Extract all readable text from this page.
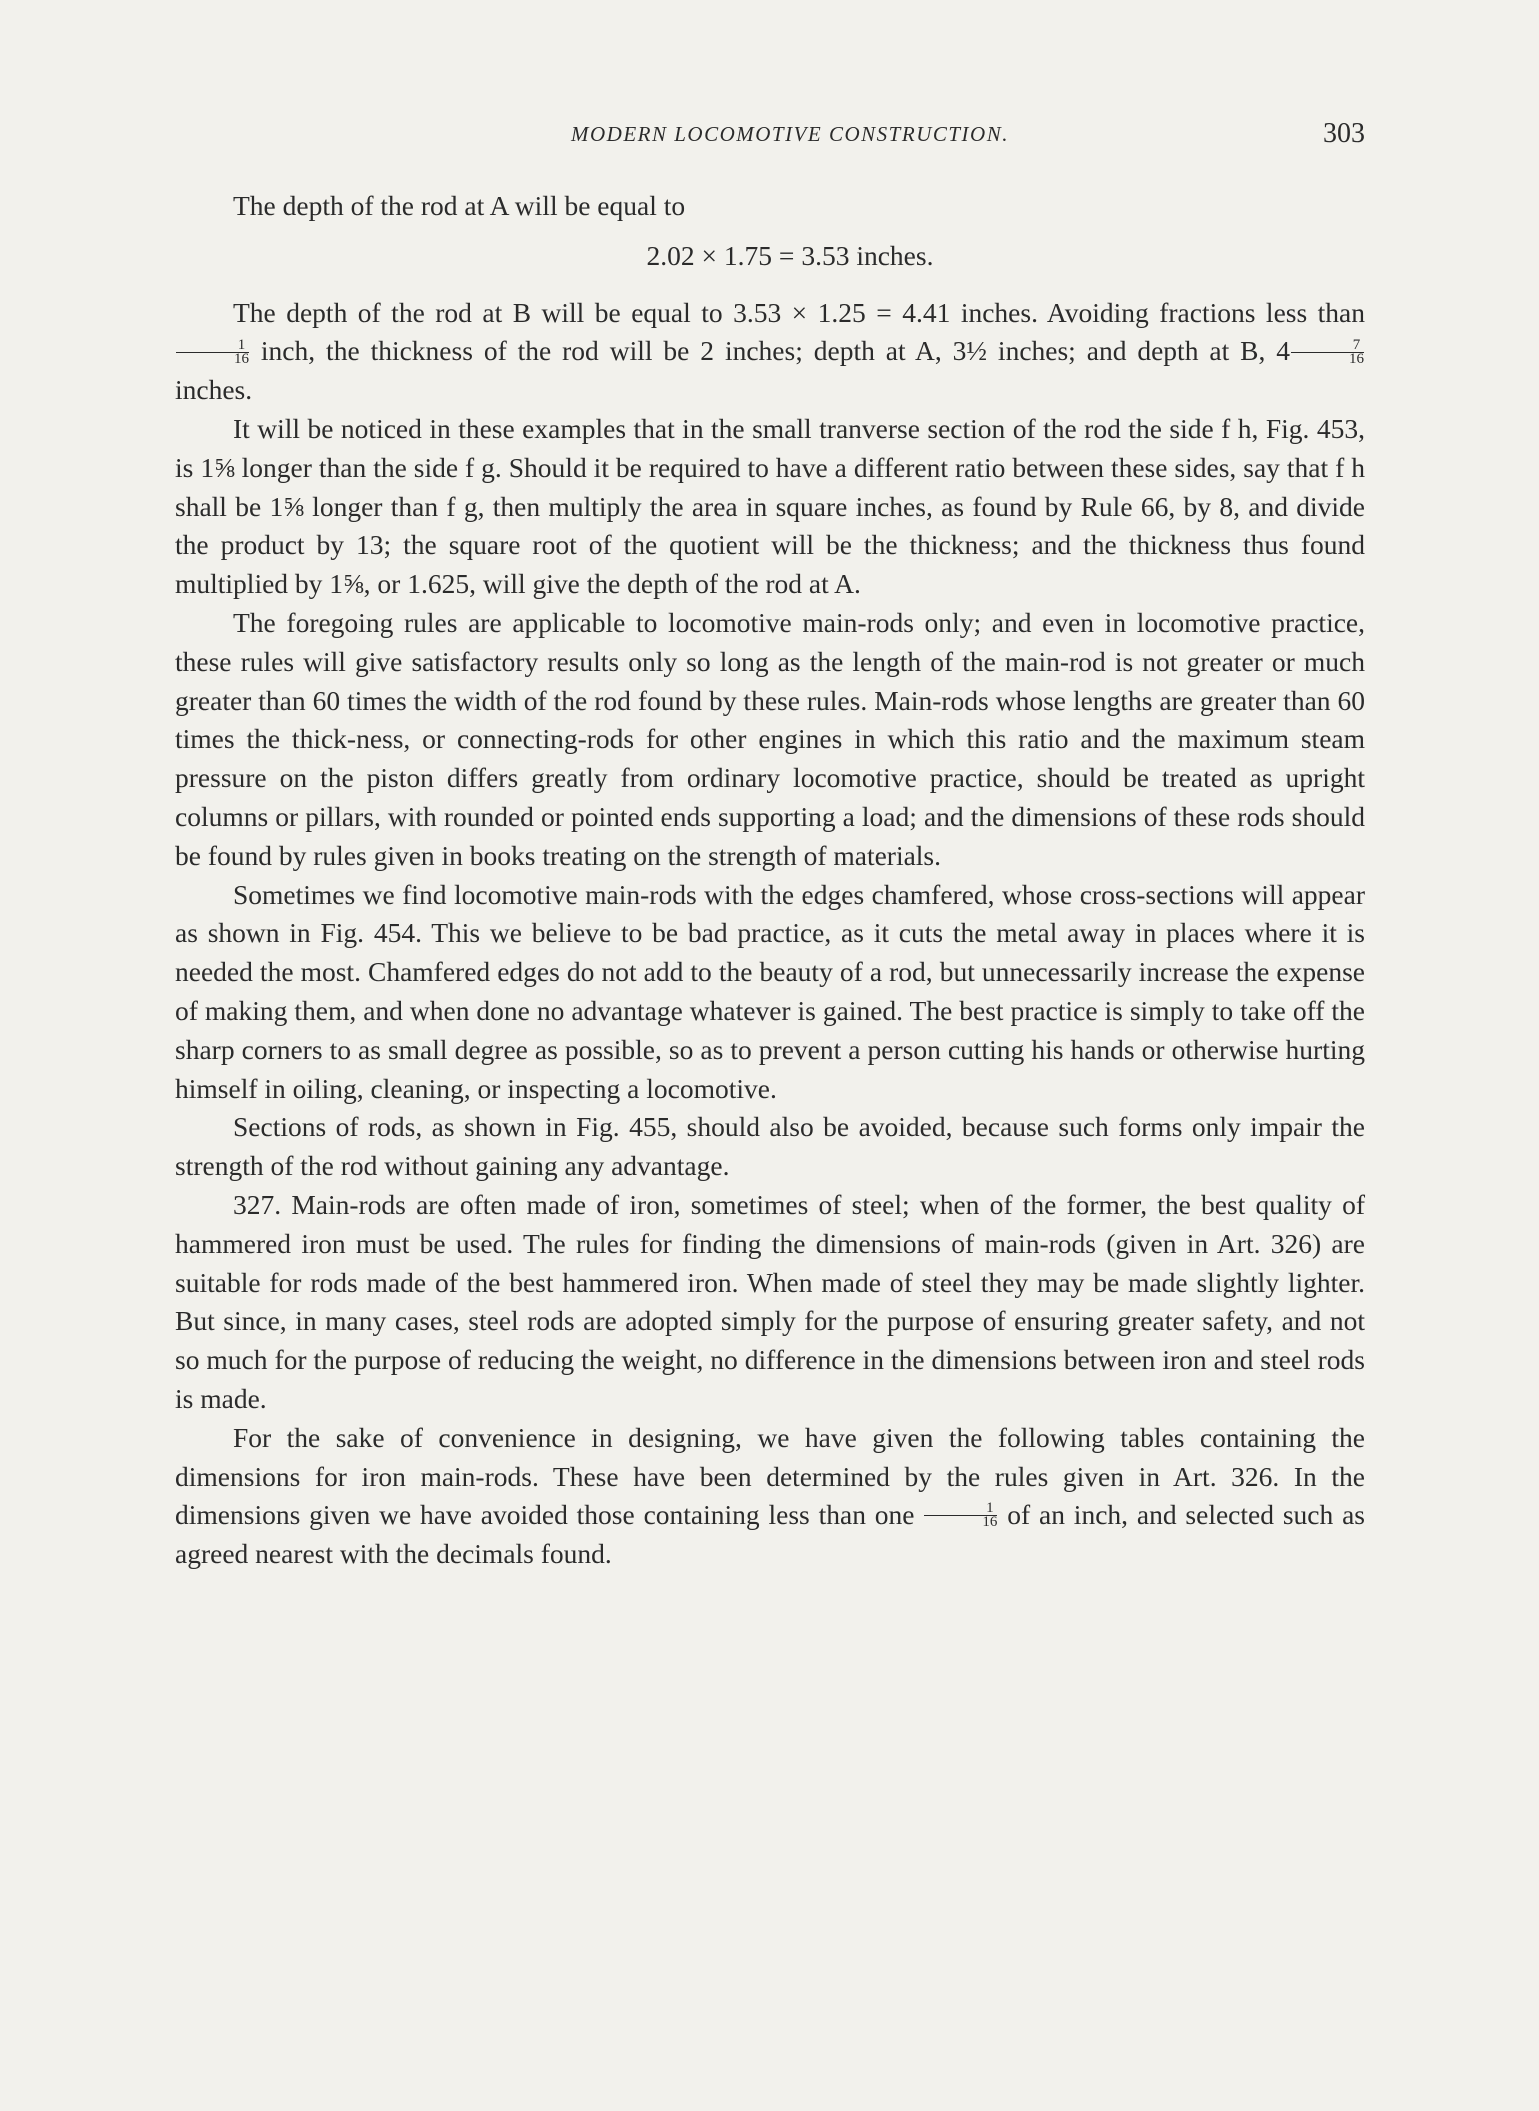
MODERN LOCOMOTIVE CONSTRUCTION.	303

The depth of the rod at A will be equal to

2.02 × 1.75 = 3.53 inches.

The depth of the rod at B will be equal to 3.53 × 1.25 = 4.41 inches. Avoiding fractions less than
$\frac{1}{16}$ inch, the thickness of the rod will be 2 inches; depth at A, 3½ inches; and depth at B, $4 \frac{7}{16}$
inches.

It will be noticed in these examples that in the small tranverse section of the rod the side f h, Fig. 453, is 1⅝ longer than the side f g. Should it be required to have a different ratio between these sides, say that f h shall be 1⅝ longer than f g, then multiply the area in square inches, as found by Rule 66, by 8, and divide the product by 13; the square root of the quotient will be the thickness; and the thickness thus found multiplied by 1⅝, or 1.625, will give the depth of the rod at A.

The foregoing rules are applicable to locomotive main-rods only; and even in locomotive practice, these rules will give satisfactory results only so long as the length of the main-rod is not greater or much greater than 60 times the width of the rod found by these rules. Main-rods whose lengths are greater than 60 times the thick-ness, or connecting-rods for other engines in which this ratio and the maximum steam pressure on the piston differs greatly from ordinary locomotive practice, should be treated as upright columns or pillars, with rounded or pointed ends supporting a load; and the dimensions of these rods should be found by rules given in books treating on the strength of materials.

Sometimes we find locomotive main-rods with the edges chamfered, whose cross-sections will appear as shown in Fig. 454. This we believe to be bad practice, as it cuts the metal away in places where it is needed the most. Chamfered edges do not add to the beauty of a rod, but unnecessarily increase the expense of making them, and when done no advantage whatever is gained. The best practice is simply to take off the sharp corners to as small degree as possible, so as to prevent a person cutting his hands or otherwise hurting himself in oiling, cleaning, or inspecting a locomotive.

Sections of rods, as shown in Fig. 455, should also be avoided, because such forms only impair the strength of the rod without gaining any advantage.

327. Main-rods are often made of iron, sometimes of steel; when of the former, the best quality of hammered iron must be used. The rules for finding the dimensions of main-rods (given in Art. 326) are suitable for rods made of the best hammered iron. When made of steel they may be made slightly lighter. But since, in many cases, steel rods are adopted simply for the purpose of ensuring greater safety, and not so much for the purpose of reducing the weight, no difference in the dimensions between iron and steel rods is made.

For the sake of convenience in designing, we have given the following tables containing the dimensions for iron main-rods. These have been determined by the rules given in Art. 326. In the dimensions given we have avoided those containing less than one $\frac{1}{16}$ of an inch, and selected such as agreed nearest with the decimals found.
